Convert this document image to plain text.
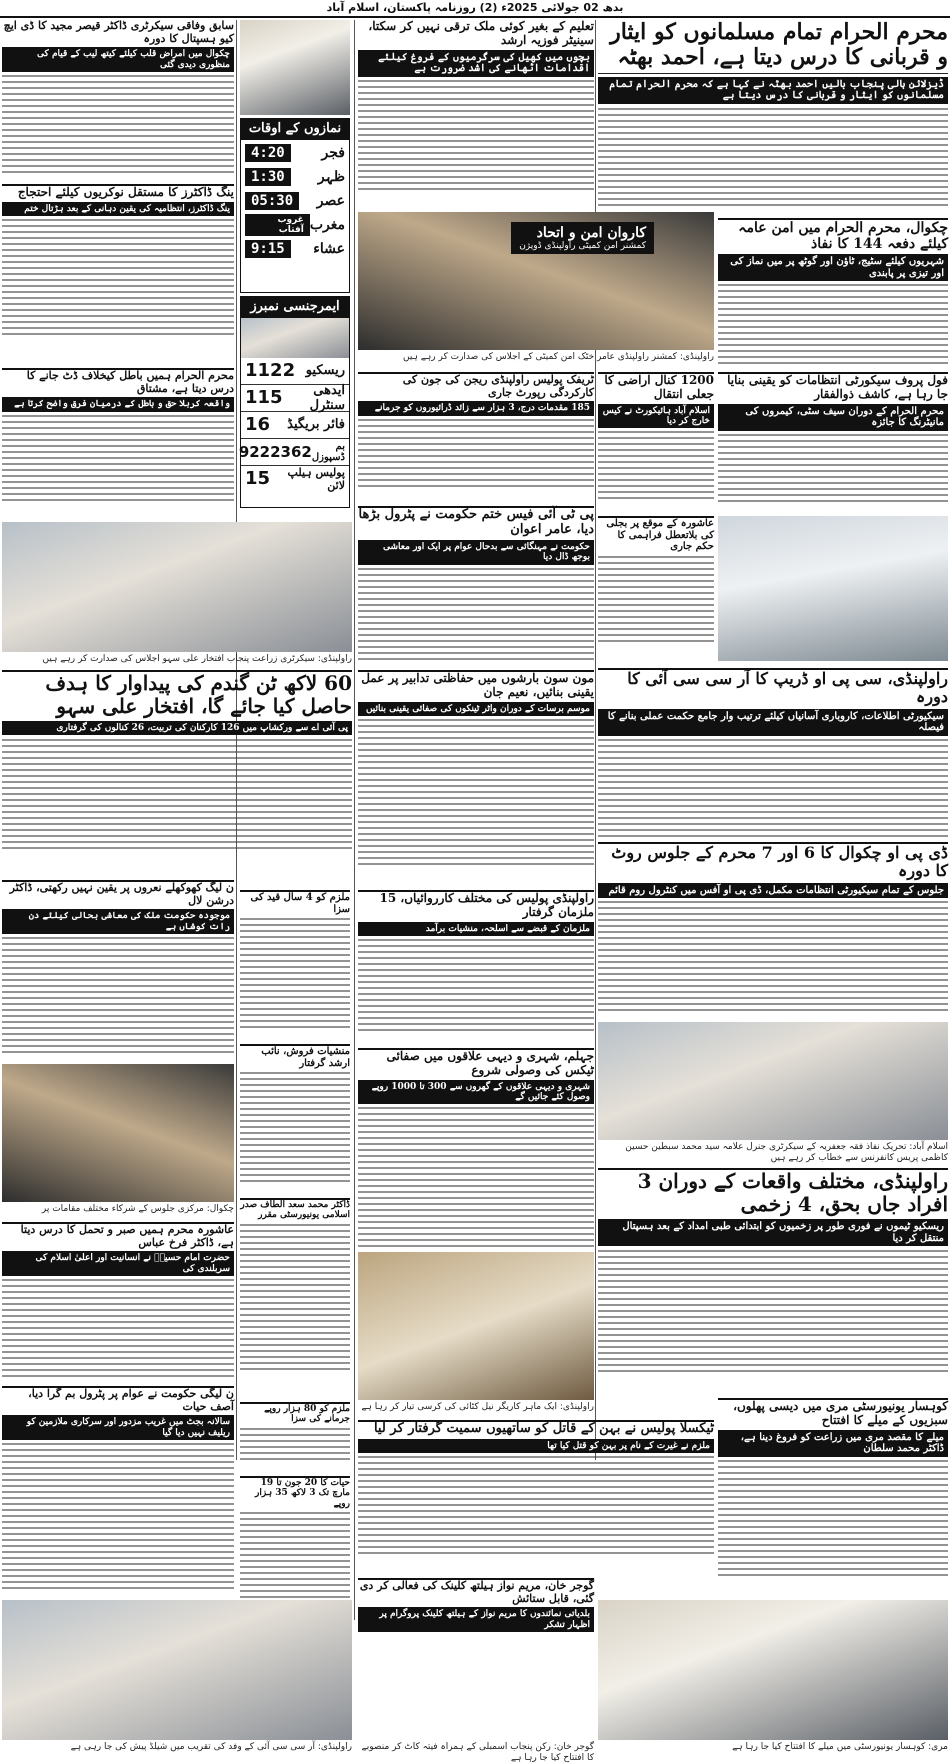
بدھ 02 جولائی 2025ء (2) روزنامہ پاکستان، اسلام آباد
محرم الحرام تمام مسلمانوں کو ایثار و قربانی کا درس دیتا ہے، احمد بھٹہ
ڈیزلائن ہالی پنجاب بالیں احمد بھٹہ نے کہا ہے کہ محرم الحرام تمام مسلمانوں کو ایثار و قربانی کا درس دیتا ہے
چکوال، محرم الحرام میں امن عامہ کیلئے دفعہ 144 کا نفاذ
شہریوں کیلئے سٹیج، ٹاؤن اور گوٹھ پر میں نماز کی اور تیزی پر پابندی
فول پروف سیکورٹی انتظامات کو یقینی بنایا جا رہا ہے، کاشف ذوالفقار
محرم الحرام کے دوران سیف سٹی، کیمروں کی مانیٹرنگ کا جائزہ
راولپنڈی، سی پی او ڈریپ کا آر سی سی آئی کا دورہ
سیکیورٹی اطلاعات، کاروباری آسانیاں کیلئے ترتیب وار جامع حکمت عملی بنانے کا فیصلہ
ڈی پی او چکوال کا 6 اور 7 محرم کے جلوس روٹ کا دورہ
جلوس کے تمام سیکیورٹی انتظامات مکمل، ڈی پی او آفس میں کنٹرول روم قائم
اسلام آباد: تحریک نفاذ فقہ جعفریہ کے سیکرٹری جنرل علامہ سید محمد سبطین حسین کاظمی پریس کانفرنس سے خطاب کر رہے ہیں
راولپنڈی، مختلف واقعات کے دوران 3 افراد جاں بحق، 4 زخمی
ریسکیو ٹیموں نے فوری طور پر زخمیوں کو ابتدائی طبی امداد کے بعد ہسپتال منتقل کر دیا
کوہسار یونیورسٹی مری میں دیسی پھلوں، سبزیوں کے میلے کا افتتاح
میلے کا مقصد مری میں زراعت کو فروغ دینا ہے، ڈاکٹر محمد سلطان
1200 کنال اراضی کا جعلی انتقال
اسلام آباد ہائیکورٹ نے کیس خارج کر دیا
عاشورہ کے موقع پر بجلی کی بلاتعطل فراہمی کا حکم جاری
تعلیم کے بغیر کوئی ملک ترقی نہیں کر سکتا، سینیٹر فوزیہ ارشد
بچوں میں کھیل کی سرگرمیوں کے فروغ کیلئے اقدامات اٹھانے کی اشد ضرورت ہے
کاروان امن و اتحاد
کمشنر امن کمیٹی راولپنڈی ڈویژن
راولپنڈی: کمشنر راولپنڈی عامر خٹک امن کمیٹی کے اجلاس کی صدارت کر رہے ہیں
ٹریفک پولیس راولپنڈی ریجن کی جون کی کارکردگی رپورٹ جاری
185 مقدمات درج، 3 ہزار سے زائد ڈرائیوروں کو جرمانے
پی ٹی آئی فیس ختم حکومت نے پٹرول بڑھا دیا، عامر اعوان
حکومت نے مہنگائی سے بدحال عوام پر ایک اور معاشی بوجھ ڈال دیا
مون سون بارشوں میں حفاظتی تدابیر پر عمل یقینی بنائیں، نعیم جان
موسم برسات کے دوران واٹر ٹینکوں کی صفائی یقینی بنائیں
راولپنڈی پولیس کی مختلف کارروائیاں، 15 ملزمان گرفتار
ملزمان کے قبضے سے اسلحہ، منشیات برآمد
جہلم، شہری و دیہی علاقوں میں صفائی ٹیکس کی وصولی شروع
شہری و دیہی علاقوں کے گھروں سے 300 تا 1000 روپے وصول کئے جائیں گے
راولپنڈی: ایک ماہر کاریگر نیل کٹائی کی کرسی تیار کر رہا ہے
ٹیکسلا پولیس نے بہن کے قاتل کو ساتھیوں سمیت گرفتار کر لیا
ملزم نے غیرت کے نام پر بہن کو قتل کیا تھا
گوجر خان، مریم نواز ہیلتھ کلینک کی فعالی کر دی گئی، قابل ستائش
بلدیاتی نمائندوں کا مریم نواز کے ہیلتھ کلینک پروگرام پر اظہار تشکر
نمازوں کے اوقات
فجر
4:20
ظہر
1:30
عصر
05:30
مغرب
غروب آفتاب
عشاء
9:15
ایمرجنسی نمبرز
ریسکیو
1122
ایدھی سنٹرل
115
فائر بریگیڈ
16
بم ڈسپوزل
9222362
پولیس ہیلپ لائن
15
ملزم کو 4 سال قید کی سزا
منشیات فروش، نائب ارشد گرفتار
ڈاکٹر محمد سعد الطاف صدر اسلامی یونیورسٹی مقرر
ملزم کو 80 ہزار روپے جرمانے کی سزا
حیات کا 20 جون تا 19 مارچ تک 3 لاکھ 35 ہزار روپے
سابق وفاقی سیکرٹری ڈاکٹر قیصر مجید کا ڈی ایچ کیو ہسپتال کا دورہ
چکوال میں امراض قلب کیلئے کیتھ لیب کے قیام کی منظوری دیدی گئی
ینگ ڈاکٹرز کا مستقل نوکریوں کیلئے احتجاج
ینگ ڈاکٹرز، انتظامیہ کی یقین دہانی کے بعد ہڑتال ختم
محرم الحرام ہمیں باطل کیخلاف ڈٹ جانے کا درس دیتا ہے، مشتاق
واقعہ کربلا حق و باطل کے درمیان فرق واضح کرتا ہے
راولپنڈی: سیکرٹری زراعت پنجاب افتخار علی سہو اجلاس کی صدارت کر رہے ہیں
60 لاکھ ٹن گندم کی پیداوار کا ہدف حاصل کیا جائے گا، افتخار علی سہو
پی آئی اے سے ورکشاپ میں 126 کارکنان کی تربیت، 26 کنالوں کی گرفتاری
ن لیگ کھوکھلے نعروں پر یقین نہیں رکھتی، ڈاکٹر درشن لال
موجودہ حکومت ملک کی معاشی بحالی کیلئے دن رات کوشاں ہے
چکوال: مرکزی جلوس کے شرکاء مختلف مقامات پر
عاشورہ محرم ہمیں صبر و تحمل کا درس دیتا ہے، ڈاکٹر فرخ عباس
حضرت امام حسینؓ نے انسانیت اور اعلیٰ اسلام کی سربلندی کی
ن لیگی حکومت نے عوام پر پٹرول بم گرا دیا، آصف حیات
سالانہ بجٹ میں غریب مزدور اور سرکاری ملازمین کو ریلیف نہیں دیا گیا
راولپنڈی: آر سی سی آئی کے وفد کی تقریب میں شیلڈ پیش کی جا رہی ہے	گوجر خان: رکن پنجاب اسمبلی کے ہمراہ فیتہ کاٹ کر منصوبے کا افتتاح کیا جا رہا ہے
مری: کوہسار یونیورسٹی میں میلے کا افتتاح کیا جا رہا ہے
